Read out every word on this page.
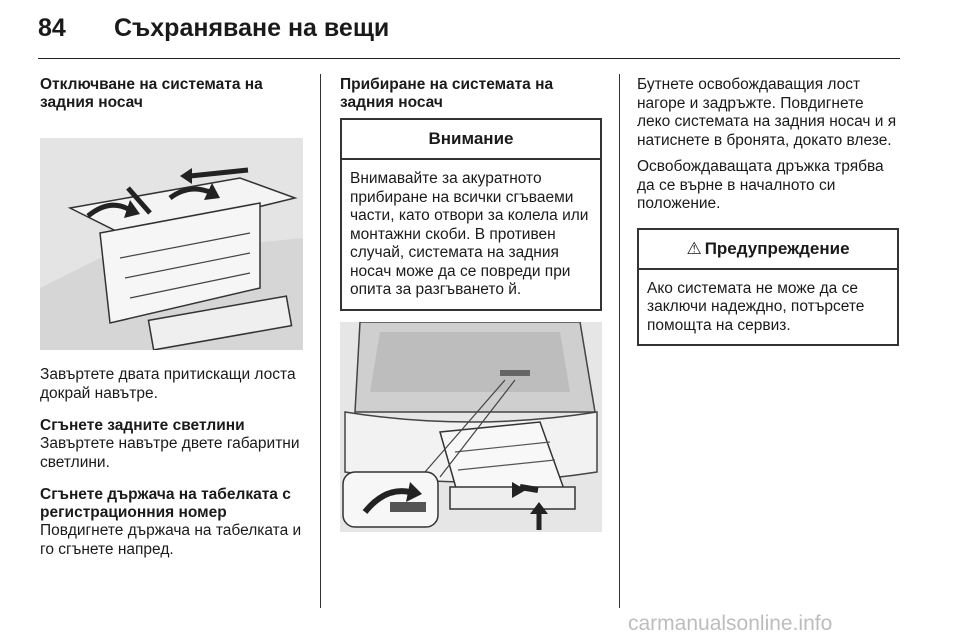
84 Съхраняване на вещи
Отключване на системата на задния носач

Завъртете двата притискащи лоста докрай навътре.

Сгънете задните светлини

Завъртете навътре двете габаритни светлини.

Сгънете държача на табелката с регистрационния номер

Повдигнете държача на табелката и го сгънете напред.

Прибиране на системата на задния носач
Внимание

Внимавайте за акуратното прибиране на всички сгъваеми части, като отвори за колела или монтажни скоби. В противен случай, системата на задния носач може да се повреди при опита за разгъването й.

Бутнете освобождаващия лост нагоре и задръжте. Повдигнете леко системата на задния носач и я натиснете в бронята, докато влезе.

Освобождаващата дръжка трябва да се върне в началното си положение.

⚠ Предупреждение

Ако системата не може да се заключи надеждно, потърсете помощта на сервиз.

carmanualsonline.info
